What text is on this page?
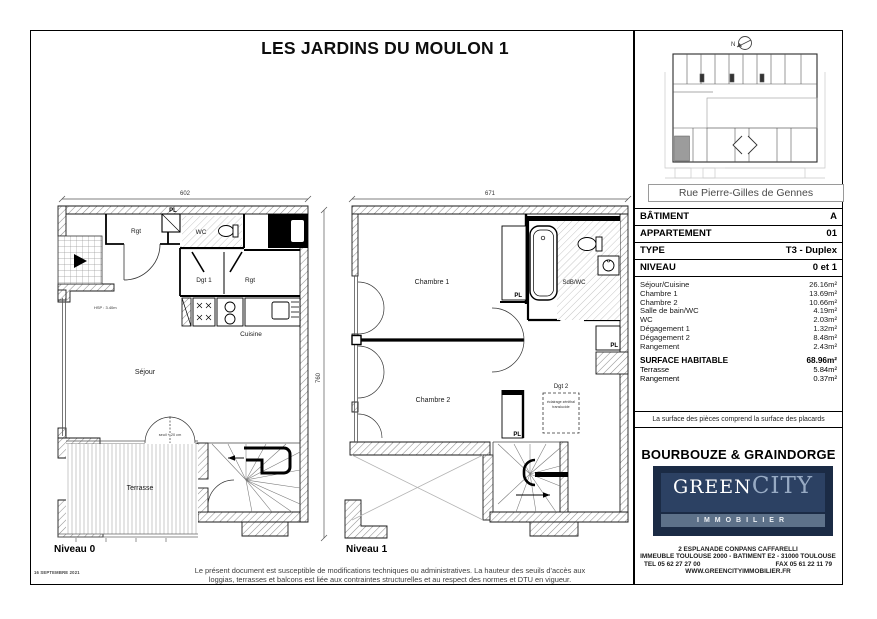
LES JARDINS DU MOULON 1	N
Rue Pierre-Gilles de Gennes
BÂTIMENT	A
APPARTEMENT	01
TYPE	T3 - Duplex
NIVEAU	0 et 1
Séjour/Cuisine	26.16m²
Chambre 1	13.69m²
Chambre 2	10.66m²
Salle de bain/WC	4.19m²
WC	2.03m²
Dégagement 1	1.32m²
Dégagement 2	8.48m²
Rangement	2.43m²
SURFACE HABITABLE	68.96m²
Terrasse	5.84m²
Rangement	0.37m²
La surface des pièces comprend la surface des placards
BOURBOUZE & GRAINDORGE
GREEN CITY
IMMOBILIER
2 ESPLANADE CONPANS CAFFARELLI
IMMEUBLE TOULOUSE 2000 - BATIMENT E2 - 31000 TOULOUSE
TEL 05 62 27 27 00	FAX 05 61 22 11 79
WWW.GREENCITYIMMOBILIER.FR
602
760
Rgt
PL
WC
Dgt 1	Rgt
Cuisine
Séjour
Terrasse
HSP : 3.40m
seuil + 20 cm
Niveau 0
671
Chambre 1
PL
SdB/WC
PL
Chambre 2
Dgt 2
éclairage zénithal
translucide
PL
Niveau 1
Le présent document est susceptible de modifications techniques ou administratives. La hauteur des seuils d'accès aux
loggias, terrasses et balcons est liée aux contraintes structurelles et au respect des normes et DTU en vigueur.
16 SEPTEMBRE 2021
